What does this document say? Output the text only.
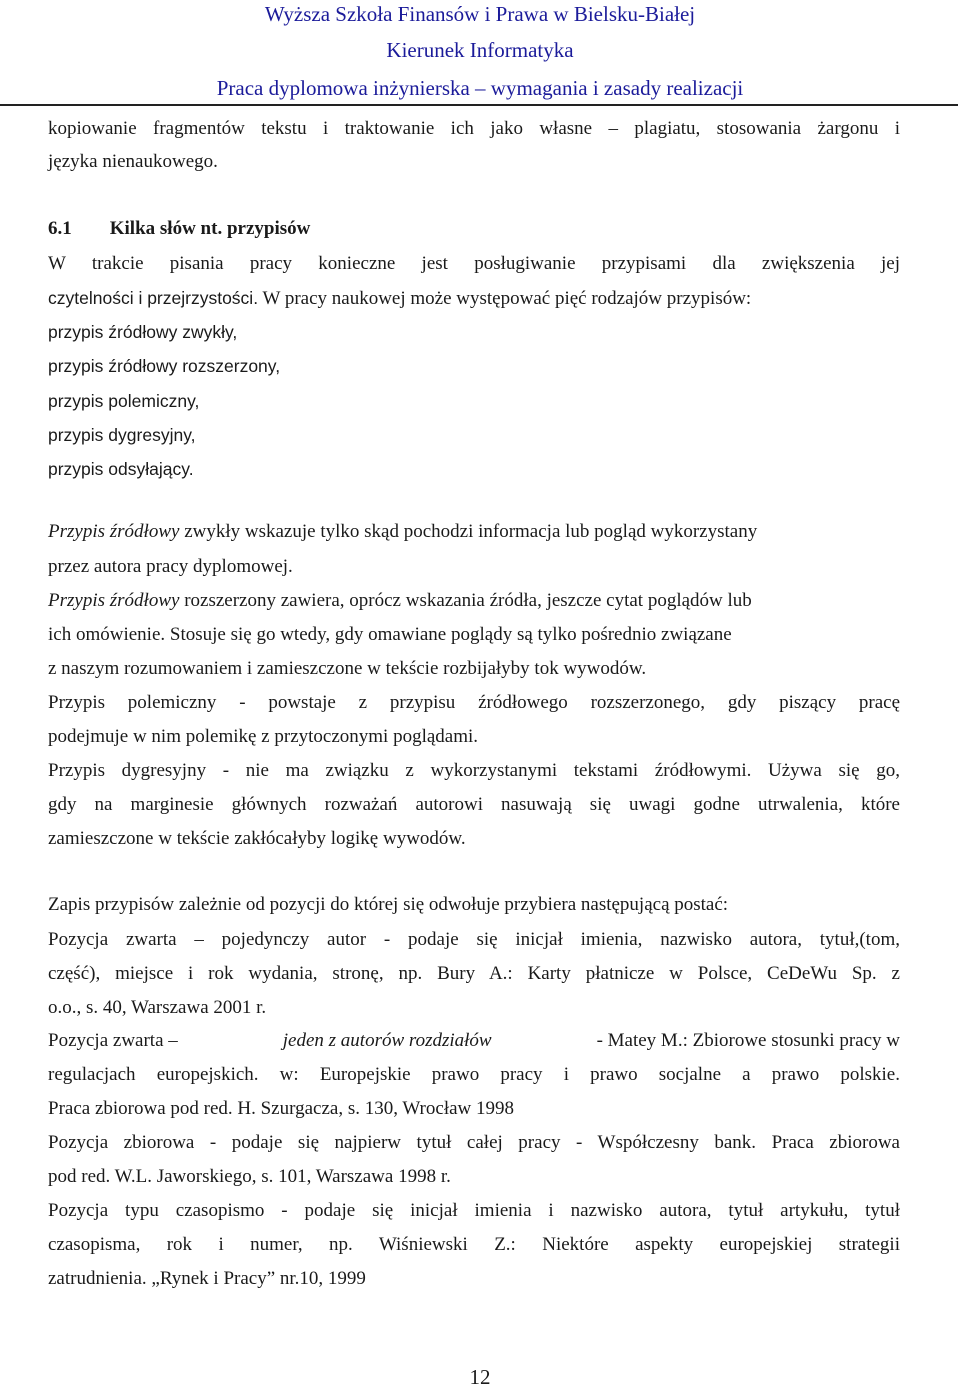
Wyższa Szkoła Finansów i Prawa w Bielsku-Białej
Kierunek Informatyka
Praca dyplomowa inżynierska – wymagania i zasady realizacji
kopiowanie fragmentów tekstu i traktowanie ich jako własne – plagiatu, stosowania żargonu i
języka nienaukowego.
6.1 Kilka słów nt. przypisów
W trakcie pisania pracy konieczne jest posługiwanie przypisami dla zwiększenia jej
czytelności i przejrzystości. W pracy naukowej może występować pięć rodzajów przypisów:
przypis źródłowy zwykły,
przypis źródłowy rozszerzony,
przypis polemiczny,
przypis dygresyjny,
przypis odsyłający.
Przypis źródłowy zwykły wskazuje tylko skąd pochodzi informacja lub pogląd wykorzystany
przez autora pracy dyplomowej.
Przypis źródłowy rozszerzony zawiera, oprócz wskazania źródła, jeszcze cytat poglądów lub
ich omówienie. Stosuje się go wtedy, gdy omawiane poglądy są tylko pośrednio związane
z naszym rozumowaniem i zamieszczone w tekście rozbijałyby tok wywodów.
Przypis polemiczny - powstaje z przypisu źródłowego rozszerzonego, gdy piszący pracę
podejmuje w nim polemikę z przytoczonymi poglądami.
Przypis dygresyjny - nie ma związku z wykorzystanymi tekstami źródłowymi. Używa się go,
gdy na marginesie głównych rozważań autorowi nasuwają się uwagi godne utrwalenia, które
zamieszczone w tekście zakłócałyby logikę wywodów.
Zapis przypisów zależnie od pozycji do której się odwołuje przybiera następującą postać:
Pozycja zwarta – pojedynczy autor - podaje się inicjał imienia, nazwisko autora, tytuł,(tom,
część), miejsce i rok wydania, stronę, np. Bury A.: Karty płatnicze w Polsce, CeDeWu Sp. z
o.o., s. 40, Warszawa 2001 r.
Pozycja zwarta –	jeden z autorów rozdziałów	- Matey M.: Zbiorowe stosunki pracy w
regulacjach europejskich. w: Europejskie prawo pracy i prawo socjalne a prawo polskie.
Praca zbiorowa pod red. H. Szurgacza, s. 130, Wrocław 1998
Pozycja zbiorowa - podaje się najpierw tytuł całej pracy - Współczesny bank. Praca zbiorowa
pod red. W.L. Jaworskiego, s. 101, Warszawa 1998 r.
Pozycja typu czasopismo - podaje się inicjał imienia i nazwisko autora, tytuł artykułu, tytuł
czasopisma, rok i numer, np. Wiśniewski Z.: Niektóre aspekty europejskiej strategii
zatrudnienia. „Rynek i Pracy” nr.10, 1999
12
